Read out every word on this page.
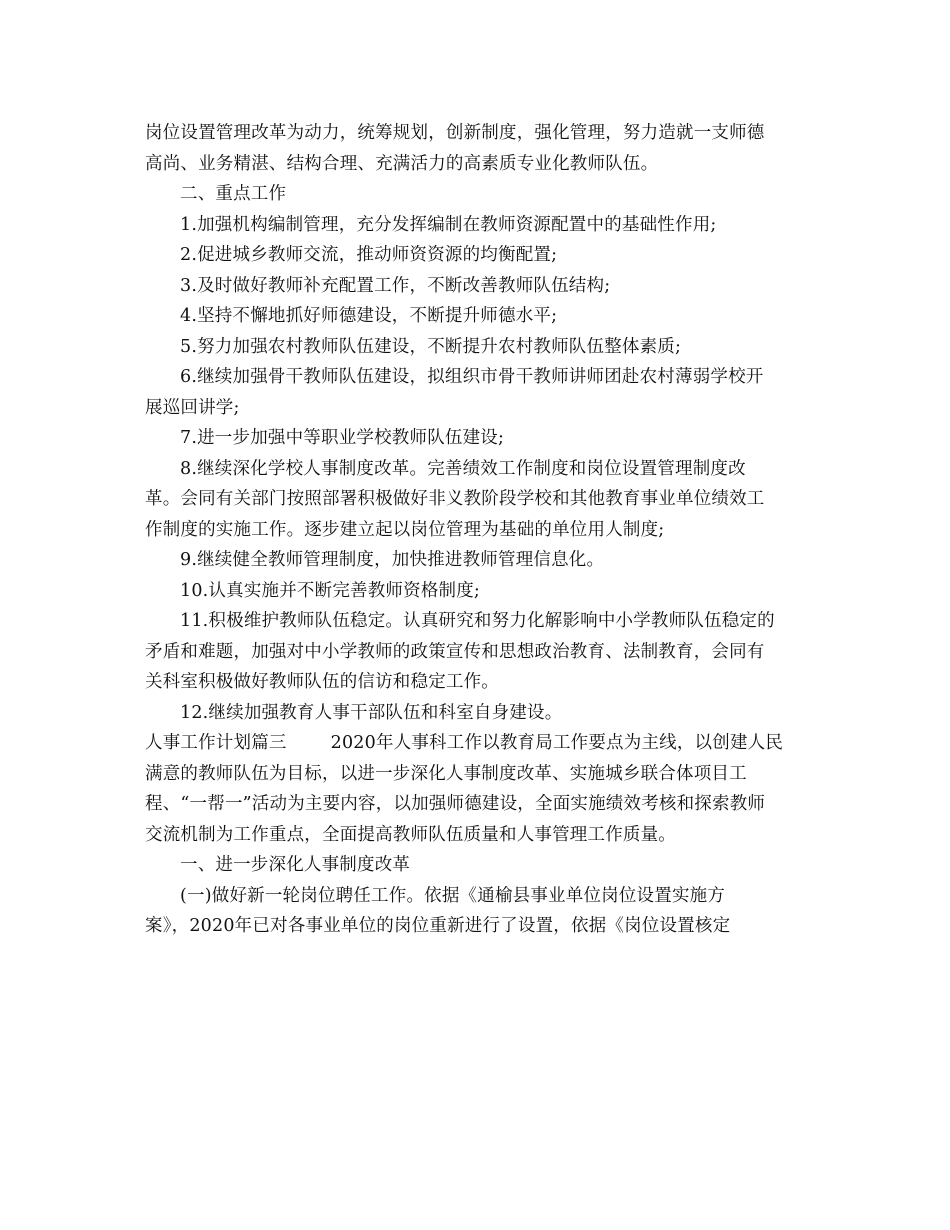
岗位设置管理改革为动力，统筹规划，创新制度，强化管理，努力造就一支师德

高尚、业务精湛、结构合理、充满活力的高素质专业化教师队伍。

二、重点工作

1.加强机构编制管理，充分发挥编制在教师资源配置中的基础性作用;

2.促进城乡教师交流，推动师资资源的均衡配置;

3.及时做好教师补充配置工作，不断改善教师队伍结构;

4.坚持不懈地抓好师德建设，不断提升师德水平;

5.努力加强农村教师队伍建设，不断提升农村教师队伍整体素质;

6.继续加强骨干教师队伍建设，拟组织市骨干教师讲师团赴农村薄弱学校开

展巡回讲学;

7.进一步加强中等职业学校教师队伍建设;

8.继续深化学校人事制度改革。完善绩效工作制度和岗位设置管理制度改

革。会同有关部门按照部署积极做好非义教阶段学校和其他教育事业单位绩效工

作制度的实施工作。逐步建立起以岗位管理为基础的单位用人制度;

9.继续健全教师管理制度，加快推进教师管理信息化。

10.认真实施并不断完善教师资格制度;

11.积极维护教师队伍稳定。认真研究和努力化解影响中小学教师队伍稳定的

矛盾和难题，加强对中小学教师的政策宣传和思想政治教育、法制教育，会同有

关科室积极做好教师队伍的信访和稳定工作。

12.继续加强教育人事干部队伍和科室自身建设。

人事工作计划篇三	2020年人事科工作以教育局工作要点为主线，以创建人民

满意的教师队伍为目标，以进一步深化人事制度改革、实施城乡联合体项目工

程、“一帮一”活动为主要内容，以加强师德建设，全面实施绩效考核和探索教师

交流机制为工作重点，全面提高教师队伍质量和人事管理工作质量。

一、进一步深化人事制度改革

(一)做好新一轮岗位聘任工作。依据《通榆县事业单位岗位设置实施方

案》，2020年已对各事业单位的岗位重新进行了设置，依据《岗位设置核定
